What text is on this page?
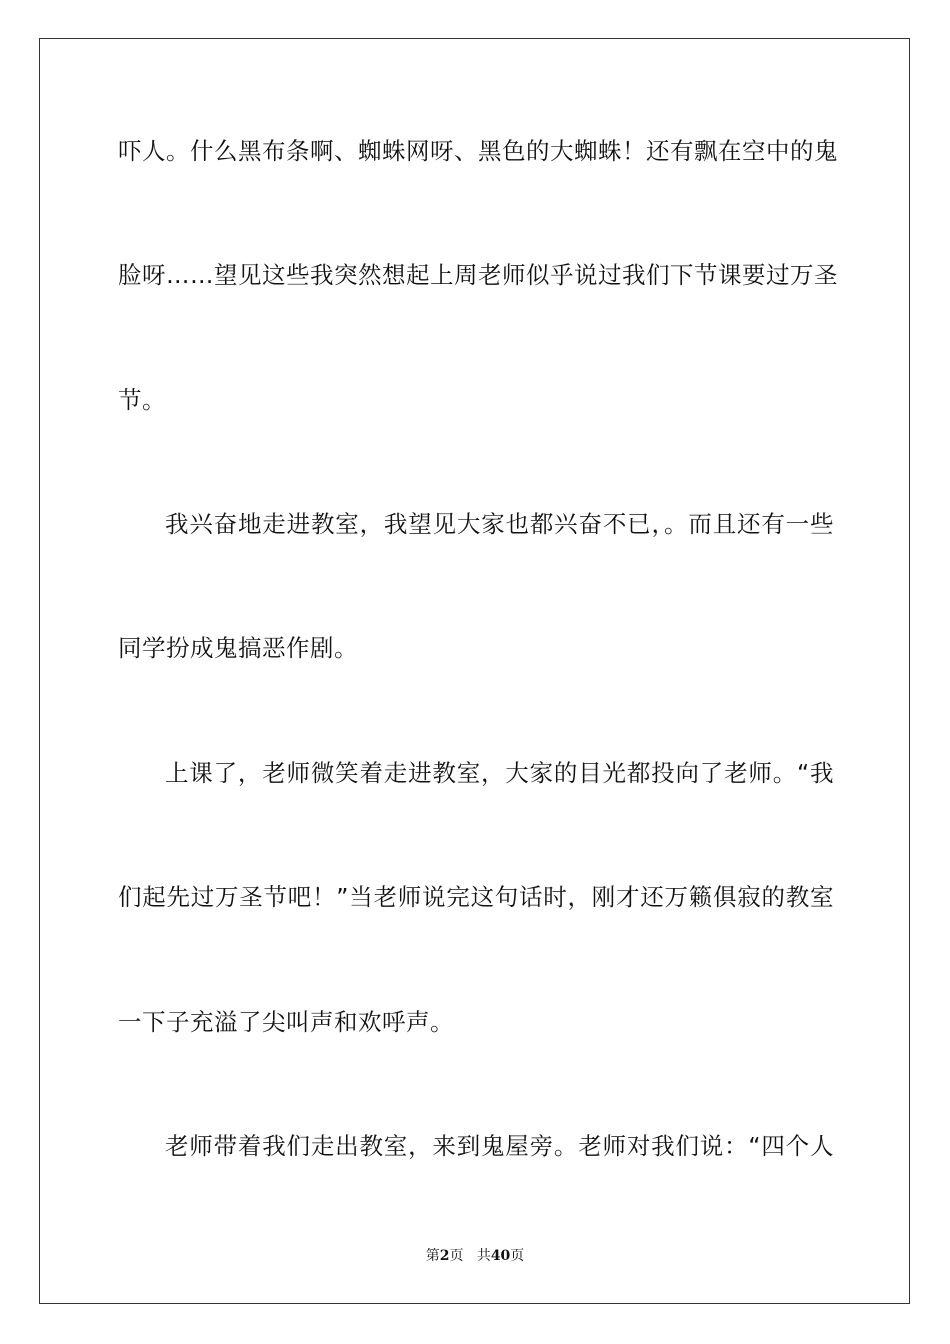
吓人。什么黑布条啊、蜘蛛网呀、黑色的大蜘蛛！还有飘在空中的鬼
脸呀……望见这些我突然想起上周老师似乎说过我们下节课要过万圣
节。
我兴奋地走进教室，我望见大家也都兴奋不已，。而且还有一些
同学扮成鬼搞恶作剧。
上课了，老师微笑着走进教室，大家的目光都投向了老师。“我
们起先过万圣节吧！”当老师说完这句话时，刚才还万籁俱寂的教室
一下子充溢了尖叫声和欢呼声。
老师带着我们走出教室，来到鬼屋旁。老师对我们说：“四个人
第2页 共40页
